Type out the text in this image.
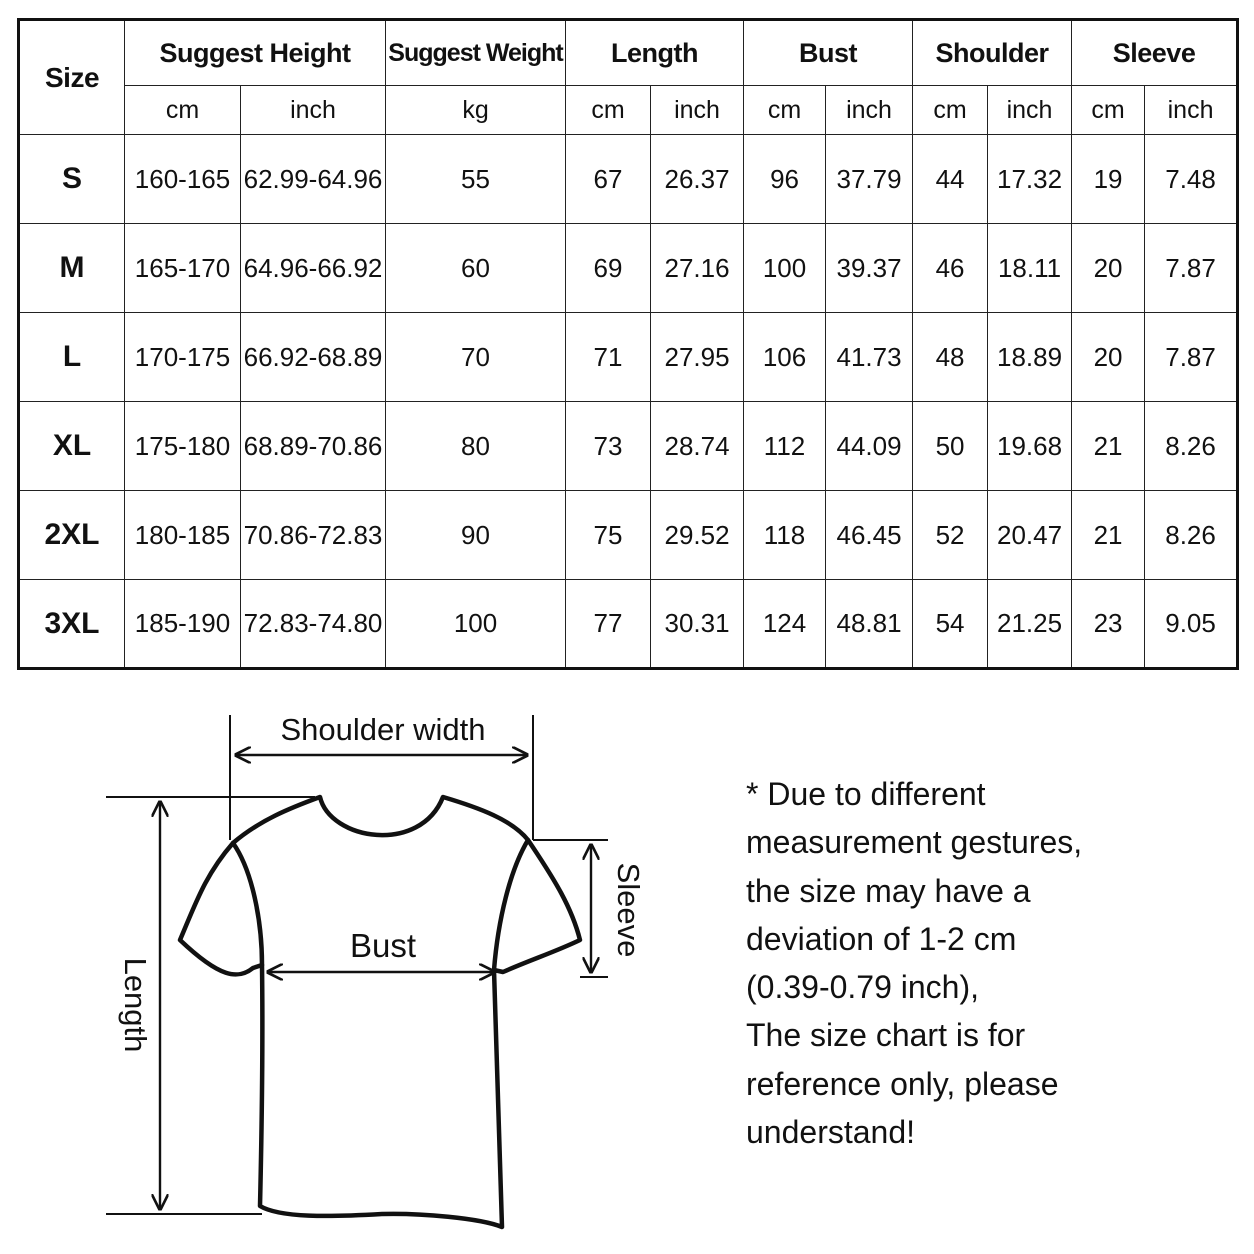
Size	Suggest Height		Suggest Weight	Length		Bust		Shoulder		Sleeve	
	cm	inch	kg	cm	inch	cm	inch	cm	inch	cm	inch
S	160-165	62.99-64.96	55	67	26.37	96	37.79	44	17.32	19	7.48
M	165-170	64.96-66.92	60	69	27.16	100	39.37	46	18.11	20	7.87
L	170-175	66.92-68.89	70	71	27.95	106	41.73	48	18.89	20	7.87
XL	175-180	68.89-70.86	80	73	28.74	112	44.09	50	19.68	21	8.26
2XL	180-185	70.86-72.83	90	75	29.52	118	46.45	52	20.47	21	8.26
3XL	185-190	72.83-74.80	100	77	30.31	124	48.81	54	21.25	23	9.05
Shoulder width
Length
Bust	Sleeve
* Due to different
measurement gestures,
the size may have a
deviation of 1-2 cm
(0.39-0.79 inch),
The size chart is for
reference only, please
understand!
